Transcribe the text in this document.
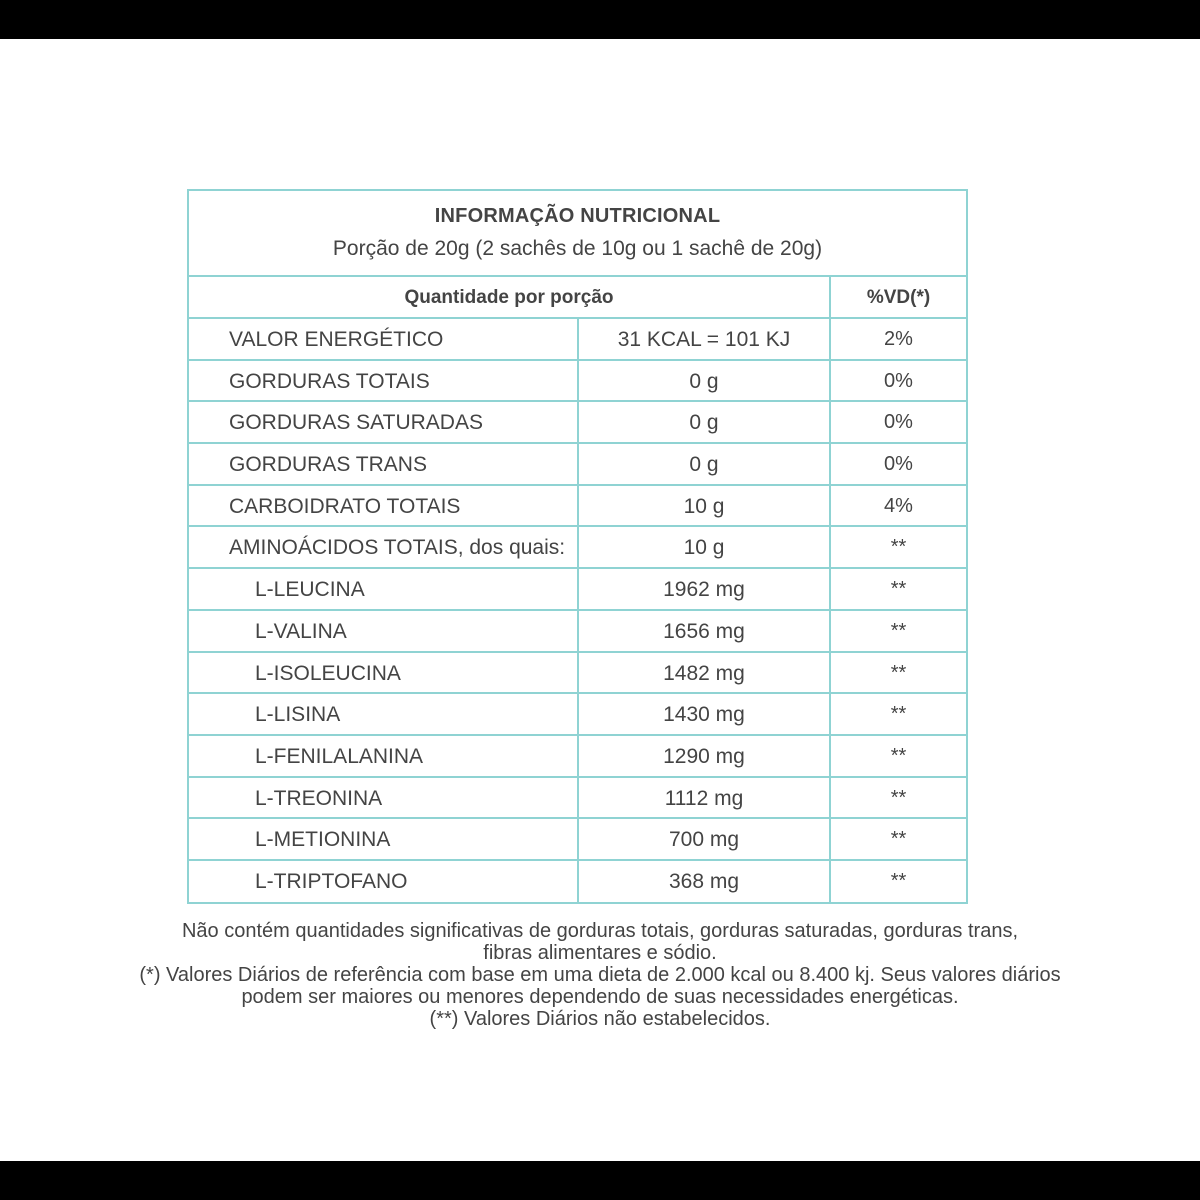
INFORMAÇÃO NUTRICIONAL
Porção de 20g (2 sachês de 10g ou 1 sachê de 20g)
Quantidade por porção	%VD(*)
VALOR ENERGÉTICO	31 KCAL = 101 KJ	2%
GORDURAS TOTAIS	0 g	0%
GORDURAS SATURADAS	0 g	0%
GORDURAS TRANS	0 g	0%
CARBOIDRATO TOTAIS	10 g	4%
AMINOÁCIDOS TOTAIS, dos quais:	10 g	**
L-LEUCINA	1962 mg	**
L-VALINA	1656 mg	**
L-ISOLEUCINA	1482 mg	**
L-LISINA	1430 mg	**
L-FENILALANINA	1290 mg	**
L-TREONINA	1112 mg	**
L-METIONINA	700 mg	**
L-TRIPTOFANO	368 mg	**
Não contém quantidades significativas de gorduras totais, gorduras saturadas, gorduras trans,
fibras alimentares e sódio.
(*) Valores Diários de referência com base em uma dieta de 2.000 kcal ou 8.400 kj. Seus valores diários
podem ser maiores ou menores dependendo de suas necessidades energéticas.
(**) Valores Diários não estabelecidos.
